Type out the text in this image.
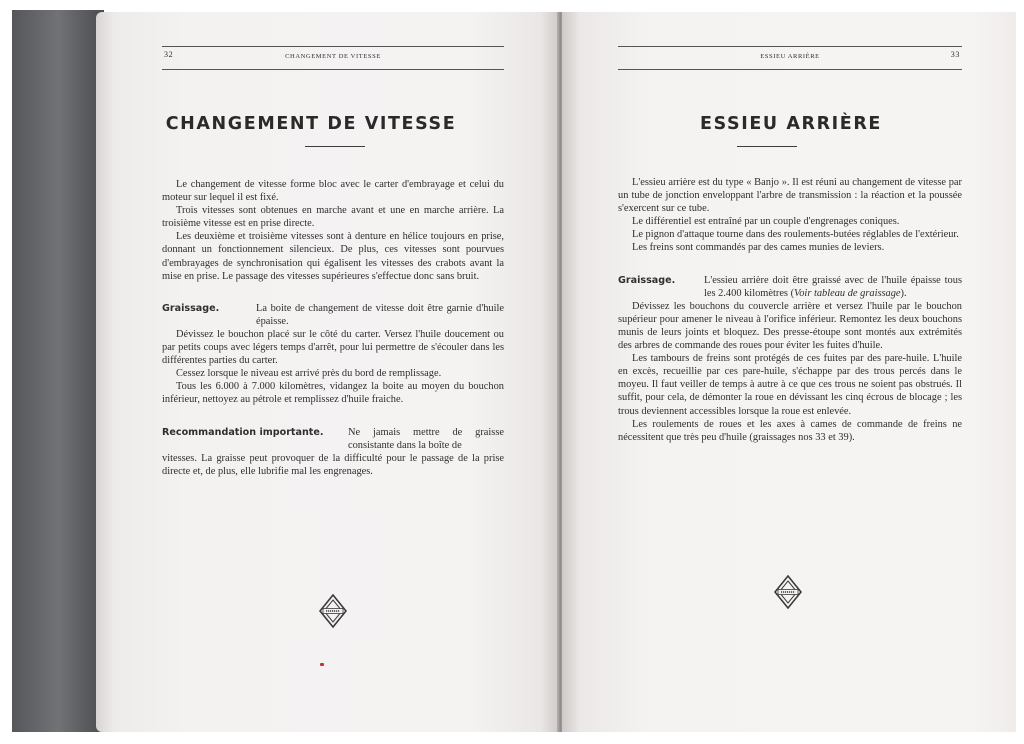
32	CHANGEMENT DE VITESSE
CHANGEMENT DE VITESSE

Le changement de vitesse forme bloc avec le carter d'embrayage et celui du moteur sur lequel il est fixé.

Trois vitesses sont obtenues en marche avant et une en marche arrière. La troisième vitesse est en prise directe.

Les deuxième et troisième vitesses sont à denture en hélice toujours en prise, donnant un fonctionnement silencieux. De plus, ces vitesses sont pourvues d'embrayages de synchronisation qui égalisent les vitesses des crabots avant la mise en prise. Le passage des vitesses supérieures s'effectue donc sans bruit.

Graissage.	La boite de changement de vitesse doit être garnie d'huile épaisse.

Dévissez le bouchon placé sur le côté du carter. Versez l'huile doucement ou par petits coups avec légers temps d'arrêt, pour lui permettre de s'écouler dans les différentes parties du carter.

Cessez lorsque le niveau est arrivé près du bord de remplissage.

Tous les 6.000 à 7.000 kilomètres, vidangez la boite au moyen du bouchon inférieur, nettoyez au pétrole et remplissez d'huile fraiche.

Recommandation importante.	Ne jamais mettre de graisse consistante dans la boîte de

vitesses. La graisse peut provoquer de la difficulté pour le passage de la prise directe et, de plus, elle lubrifie mal les engrenages.

ESSIEU ARRIÈRE	33
ESSIEU ARRIÈRE

L'essieu arrière est du type « Banjo ». Il est réuni au changement de vitesse par un tube de jonction enveloppant l'arbre de transmission : la réaction et la poussée s'exercent sur ce tube.

Le différentiel est entraîné par un couple d'engrenages coniques.

Le pignon d'attaque tourne dans des roulements-butées réglables de l'extérieur.

Les freins sont commandés par des cames munies de leviers.

Graissage.	L'essieu arrière doit être graissé avec de l'huile épaisse tous les 2.400 kilomètres (Voir tableau de graissage).

Dévissez les bouchons du couvercle arrière et versez l'huile par le bouchon supérieur pour amener le niveau à l'orifice inférieur. Remontez les deux bouchons munis de leurs joints et bloquez. Des presse-étoupe sont montés aux extrémités des arbres de commande des roues pour éviter les fuites d'huile.

Les tambours de freins sont protégés de ces fuites par des pare-huile. L'huile en excès, recueillie par ces pare-huile, s'échappe par des trous percés dans le moyeu. Il faut veiller de temps à autre à ce que ces trous ne soient pas obstrués. Il suffit, pour cela, de démonter la roue en dévissant les cinq écrous de blocage ; les trous deviennent accessibles lorsque la roue est enlevée.

Les roulements de roues et les axes à cames de commande de freins ne nécessitent que très peu d'huile (graissages nos 33 et 39).
